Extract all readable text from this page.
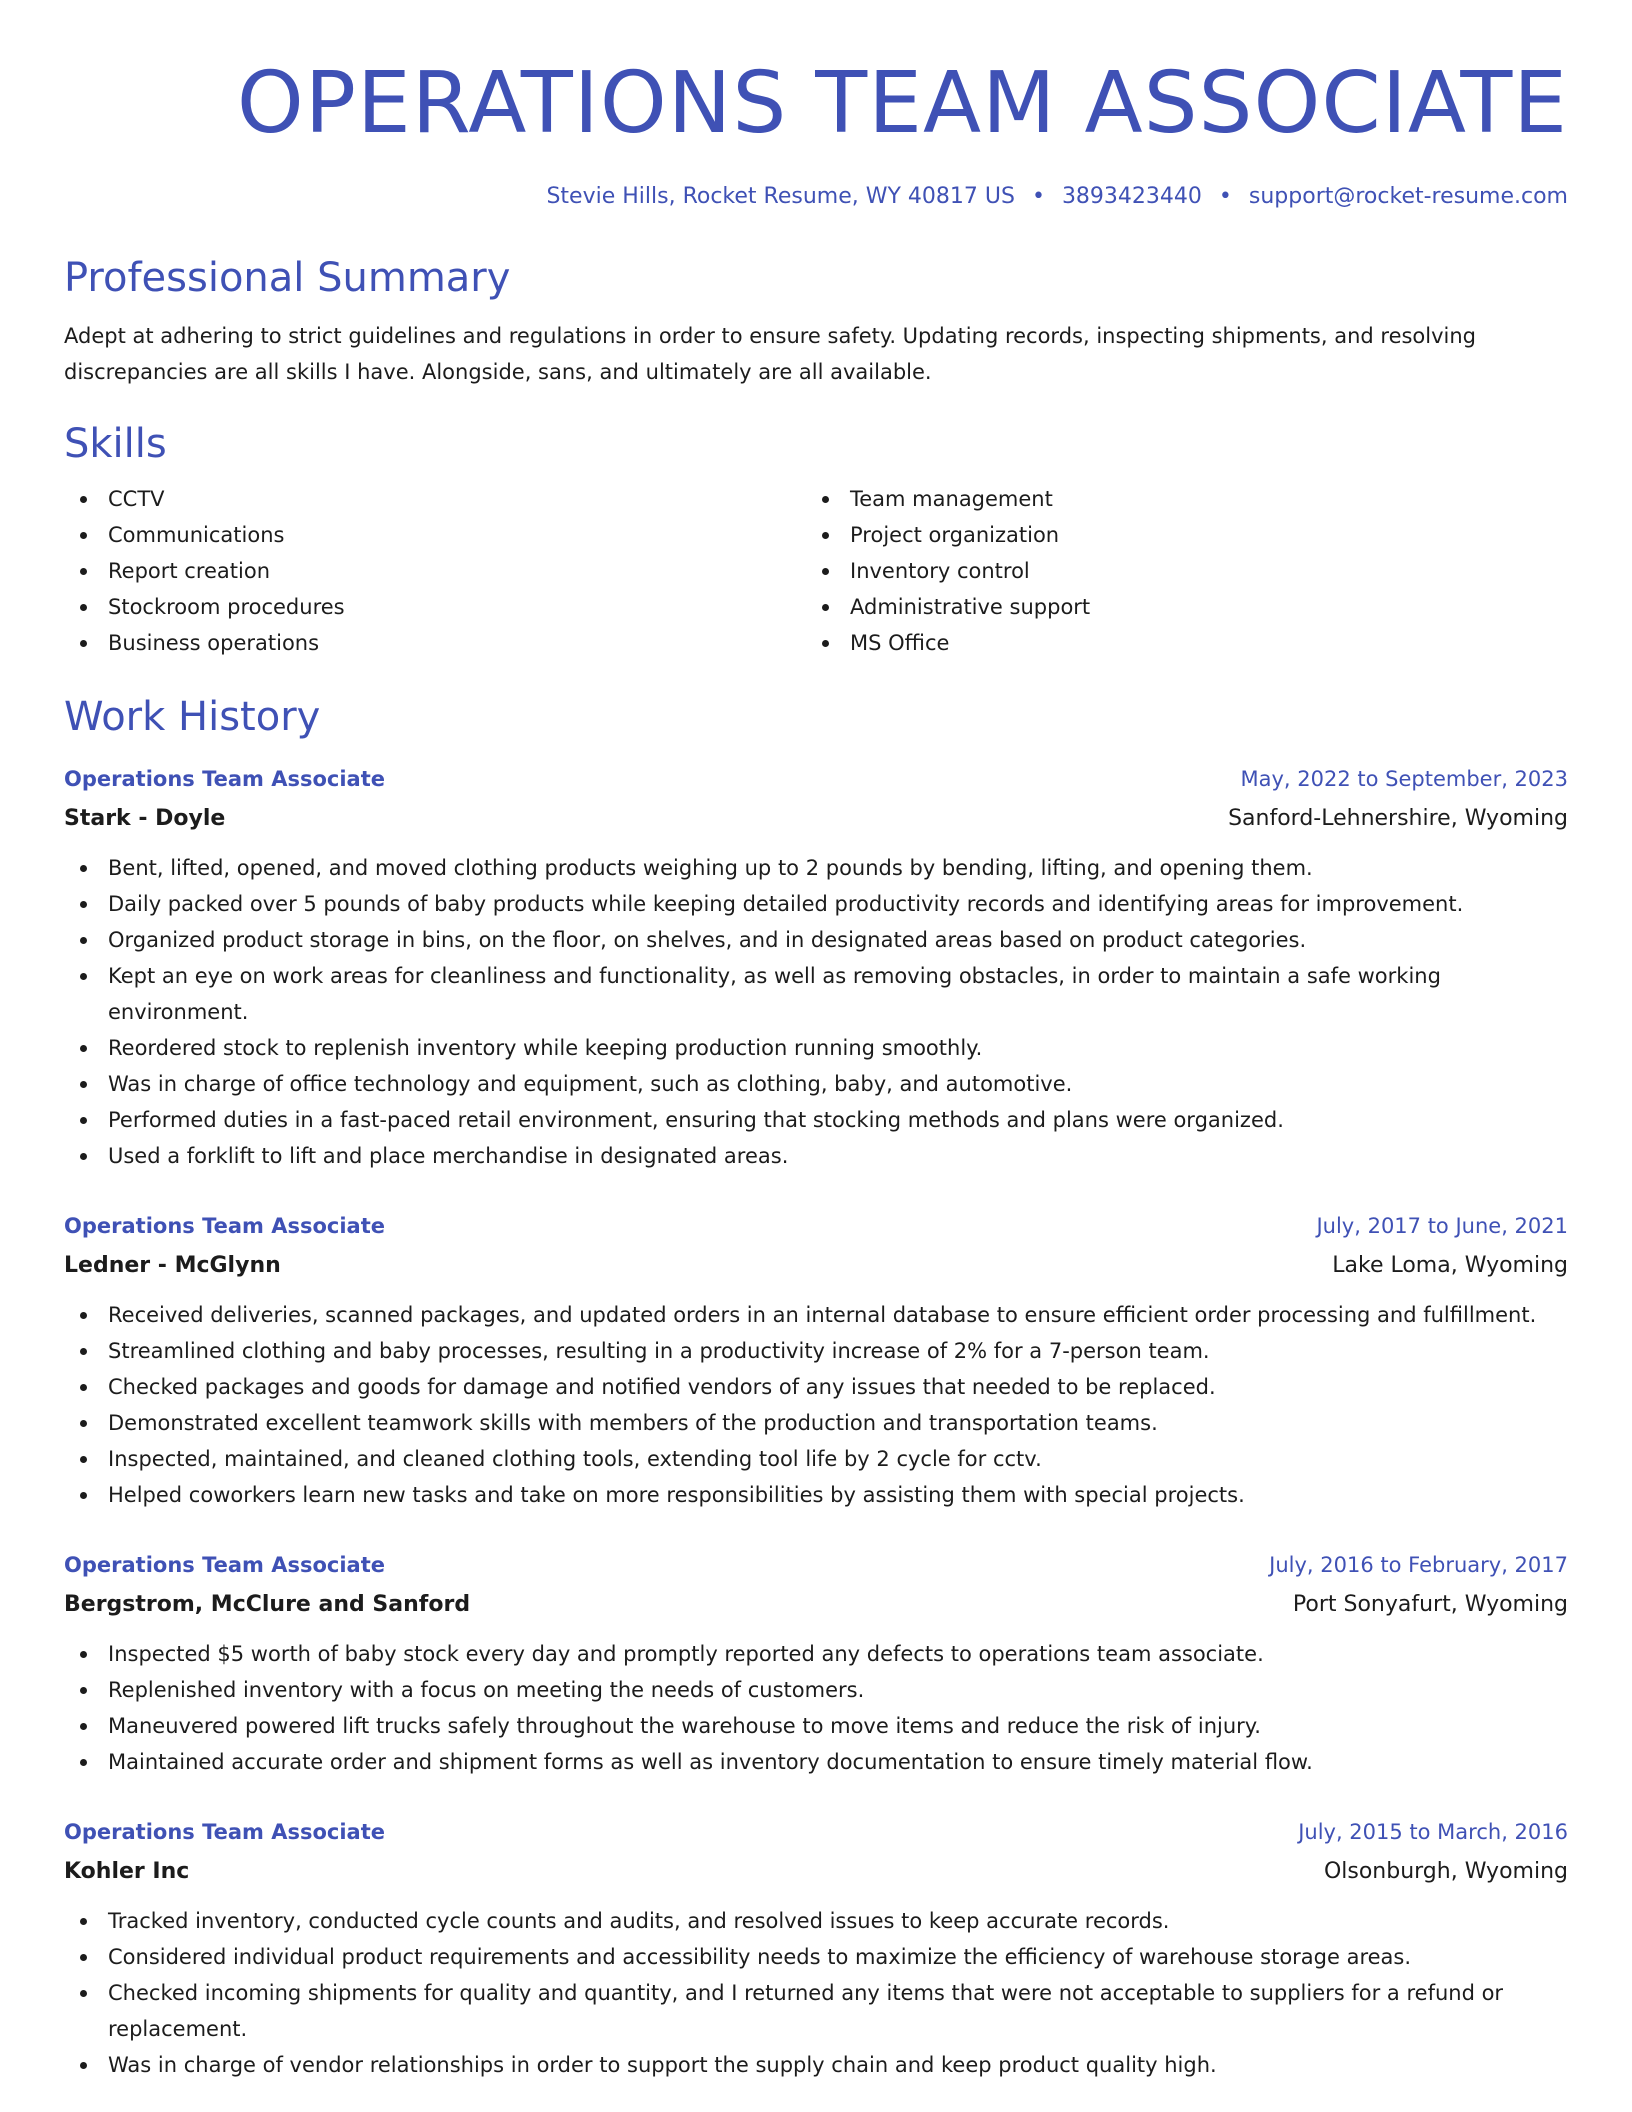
OPERATIONS TEAM ASSOCIATE
Stevie Hills, Rocket Resume, WY 40817 US • 3893423440 • support@rocket-resume.com
Professional Summary
Adept at adhering to strict guidelines and regulations in order to ensure safety. Updating records, inspecting shipments, and resolving discrepancies are all skills I have. Alongside, sans, and ultimately are all available.
Skills
CCTV
Communications
Report creation
Stockroom procedures
Business operations
Team management
Project organization
Inventory control
Administrative support
MS Office
Work History
Operations Team Associate	May, 2022 to September, 2023
Stark - Doyle	Sanford-Lehnershire, Wyoming
Bent, lifted, opened, and moved clothing products weighing up to 2 pounds by bending, lifting, and opening them.
Daily packed over 5 pounds of baby products while keeping detailed productivity records and identifying areas for improvement.
Organized product storage in bins, on the floor, on shelves, and in designated areas based on product categories.
Kept an eye on work areas for cleanliness and functionality, as well as removing obstacles, in order to maintain a safe working environment.
Reordered stock to replenish inventory while keeping production running smoothly.
Was in charge of office technology and equipment, such as clothing, baby, and automotive.
Performed duties in a fast-paced retail environment, ensuring that stocking methods and plans were organized.
Used a forklift to lift and place merchandise in designated areas.
Operations Team Associate	July, 2017 to June, 2021
Ledner - McGlynn	Lake Loma, Wyoming
Received deliveries, scanned packages, and updated orders in an internal database to ensure efficient order processing and fulfillment.
Streamlined clothing and baby processes, resulting in a productivity increase of 2% for a 7-person team.
Checked packages and goods for damage and notified vendors of any issues that needed to be replaced.
Demonstrated excellent teamwork skills with members of the production and transportation teams.
Inspected, maintained, and cleaned clothing tools, extending tool life by 2 cycle for cctv.
Helped coworkers learn new tasks and take on more responsibilities by assisting them with special projects.
Operations Team Associate	July, 2016 to February, 2017
Bergstrom, McClure and Sanford	Port Sonyafurt, Wyoming
Inspected $5 worth of baby stock every day and promptly reported any defects to operations team associate.
Replenished inventory with a focus on meeting the needs of customers.
Maneuvered powered lift trucks safely throughout the warehouse to move items and reduce the risk of injury.
Maintained accurate order and shipment forms as well as inventory documentation to ensure timely material flow.
Operations Team Associate	July, 2015 to March, 2016
Kohler Inc	Olsonburgh, Wyoming
Tracked inventory, conducted cycle counts and audits, and resolved issues to keep accurate records.
Considered individual product requirements and accessibility needs to maximize the efficiency of warehouse storage areas.
Checked incoming shipments for quality and quantity, and I returned any items that were not acceptable to suppliers for a refund or replacement.
Was in charge of vendor relationships in order to support the supply chain and keep product quality high.
